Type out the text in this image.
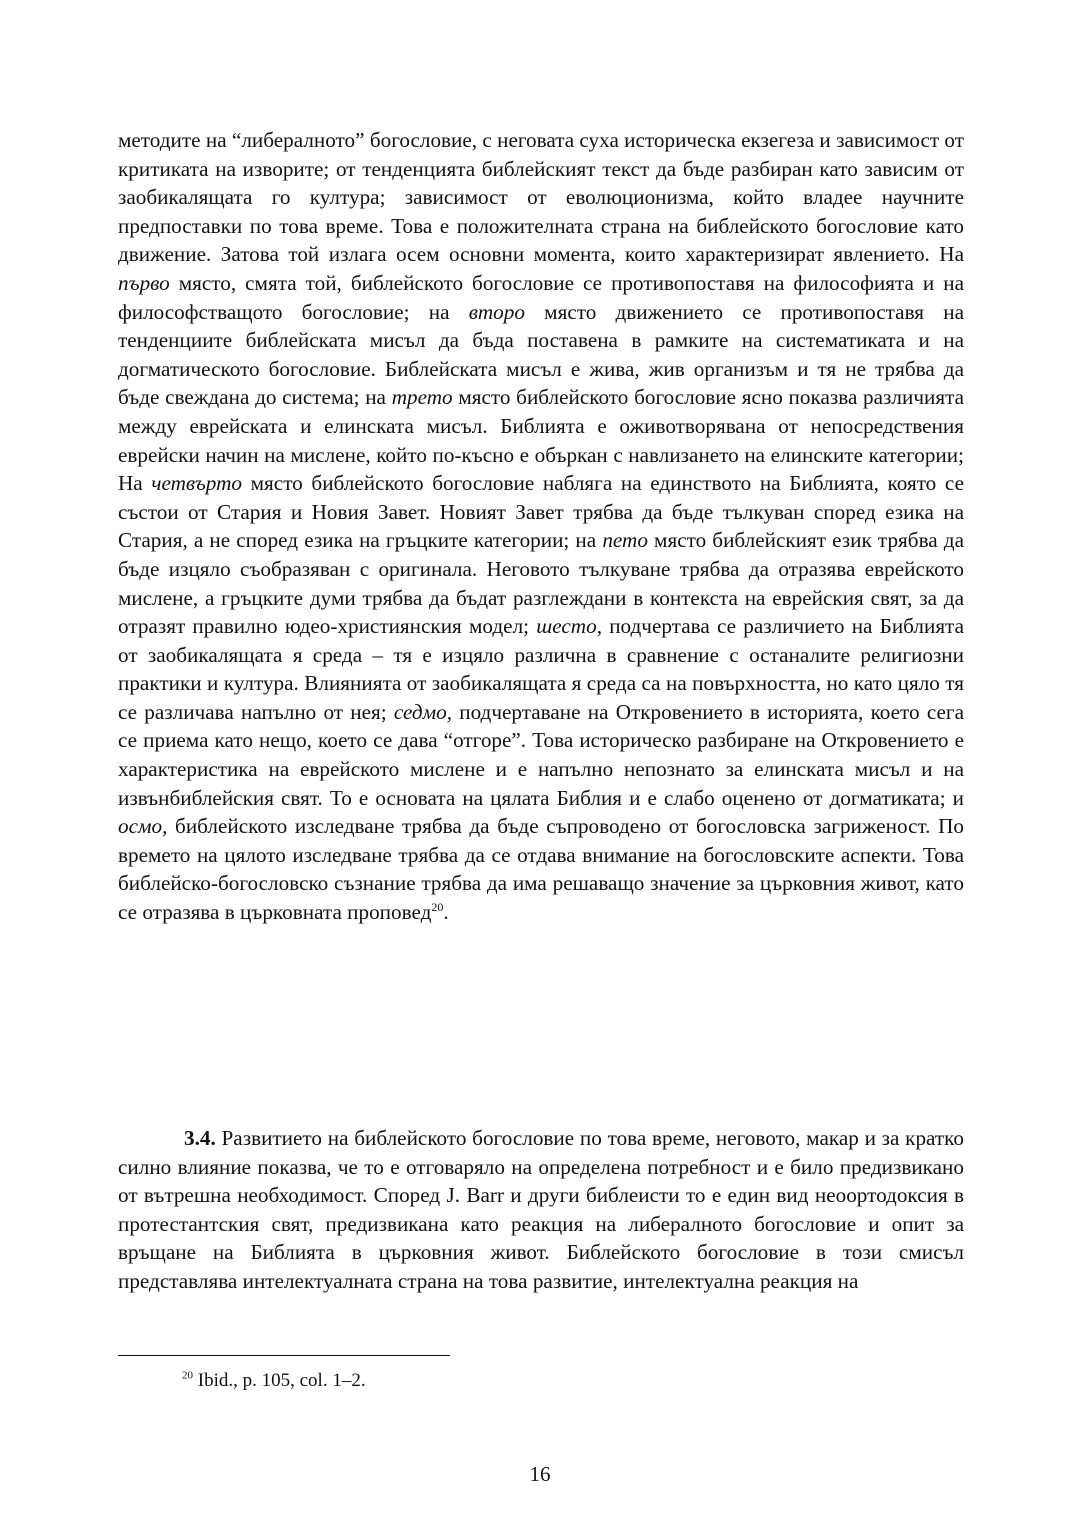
методите на “либералното” богословие, с неговата суха историческа екзегеза и зависимост от критиката на изворите; от тенденцията библейският текст да бъде разбиран като зависим от заобикалящата го култура; зависимост от еволюционизма, който владее научните предпоставки по това време. Това е положителната страна на библейското богословие като движение. Затова той излага осем основни момента, които характеризират явлението. На първо място, смята той, библейското богословие се противопоставя на философията и на философстващото богословие; на второ място движението се противопоставя на тенденциите библейската мисъл да бъда поставена в рамките на систематиката и на догматическото богословие. Библейската мисъл е жива, жив организъм и тя не трябва да бъде свеждана до система; на трето място библейското богословие ясно показва различията между еврейската и елинската мисъл. Библията е оживотворявана от непосредствения еврейски начин на мислене, който по-късно е объркан с навлизането на елинските категории; На четвърто място библейското богословие набляга на единството на Библията, която се състои от Стария и Новия Завет. Новият Завет трябва да бъде тълкуван според езика на Стария, а не според езика на гръцките категории; на пето място библейският език трябва да бъде изцяло съобразяван с оригинала. Неговото тълкуване трябва да отразява еврейското мислене, а гръцките думи трябва да бъдат разглеждани в контекста на еврейския свят, за да отразят правилно юдео-християнския модел; шесто, подчертава се различието на Библията от заобикалящата я среда – тя е изцяло различна в сравнение с останалите религиозни практики и култура. Влиянията от заобикалящата я среда са на повърхността, но като цяло тя се различава напълно от нея; седмо, подчертаване на Откровението в историята, което сега се приема като нещо, което се дава “отгоре”. Това историческо разбиране на Откровението е характеристика на еврейското мислене и е напълно непознато за елинската мисъл и на извънбиблейския свят. То е основата на цялата Библия и е слабо оценено от догматиката; и осмо, библейското изследване трябва да бъде съпроводено от богословска загриженост. По времето на цялото изследване трябва да се отдава внимание на богословските аспекти. Това библейско-богословско съзнание трябва да има решаващо значение за църковния живот, като се отразява в църковната проповед$^{20}$.

3.4. Развитието на библейското богословие по това време, неговото, макар и за кратко силно влияние показва, че то е отговаряло на определена потребност и е било предизвикано от вътрешна необходимост. Според J. Barr и други библеисти то е един вид неоортодоксия в протестантския свят, предизвикана като реакция на либералното богословие и опит за връщане на Библията в църковния живот. Библейското богословие в този смисъл представлява интелектуалната страна на това развитие, интелектуална реакция на

$^{20}$ Ibid., p. 105, col. 1–2.
16
